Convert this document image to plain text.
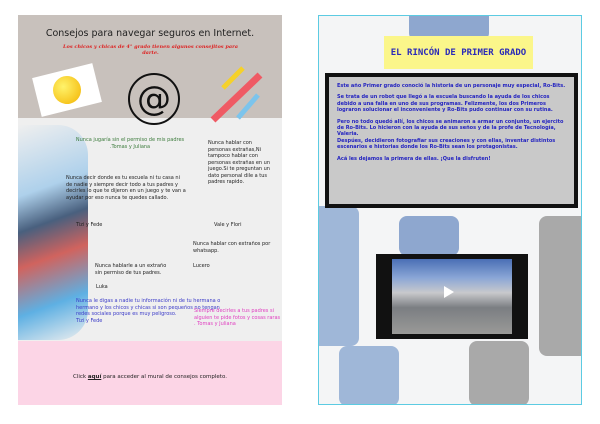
Consejos para navegar seguros en Internet.
Los chicos y chicas de 4° grado tienen algunos consejitos para darte.
@
Nunca jugaría sin el permiso de mis padres .Tomas y Juliana
Nunca hablar con personas extrañas,Ni tampoco hablar con personas extrañas en un juego.Si te preguntan un dato personal dile a tus padres rapido.
Vale y Flori
Nunca decir donde es tu escuela ni tu casa ni de nadie y siempre decir todo a tus padres y decirles lo que te dijeron en un juego y te van a ayudar por eso nunca te quedes callado.
Tizi y Fede
Nunca hablar con extraños por whatsapp.
Lucero
Nunca hablarle a un extraño sin permiso de tus padres.
Luka
Nunca le digas a nadie tu información ni de tu hermana o hermano y los chicos y chicas si son pequeños no tengan redes sociales porque es muy peligroso.
Tizi y Fede
Siempre decirles a tus padres si alguien te pide fotos y cosas raras . Tomas y Juliana
Click aquí para acceder al mural de consejos completo.
EL RINCÓN DE PRIMER GRADO

Este año Primer grado conoció la historia de un personaje muy especial, Ro-Bits.

Se trata de un robot que llegó a la escuela buscando la ayuda de los chicos debido a una falla en uno de sus programas. Felizmente, los dos Primeros lograron solucionar el inconveniente y Ro-Bits pudo continuar con su rutina.

Pero no todo quedó allí, los chicos se animaron a armar un conjunto, un ejercito de Ro-Bits. Lo hicieron con la ayuda de sus seños y de la profe de Tecnología, Valeria.

Despúes, decidieron fotografiar sus creaciones y con ellas, inventar distintos escenarios e historias donde los Ro-Bits sean los protagonistas.

Acá les dejamos la primera de ellas. ¡Que la disfruten!
